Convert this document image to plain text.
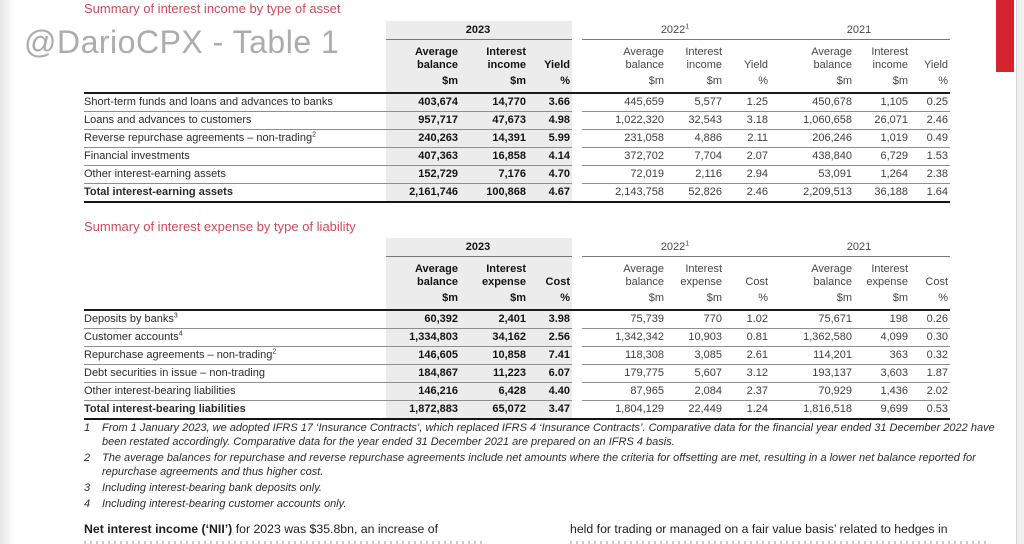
Summary of interest income by type of asset
@DarioCPX - Table 1
		2023				2022$^1$			2021		
	Average balance	Interest income	Yield		Average balance	Interest income	Yield	Average balance	Interest income	Yield
	$m	$m	%		$m	$m	%	$m	$m	%
Short-term funds and loans and advances to banks	403,674	14,770	3.66		445,659	5,577	1.25	450,678	1,105	0.25
Loans and advances to customers	957,717	47,673	4.98		1,022,320	32,543	3.18	1,060,658	26,071	2.46
Reverse repurchase agreements – non-trading$^2$	240,263	14,391	5.99		231,058	4,886	2.11	206,246	1,019	0.49
Financial investments	407,363	16,858	4.14		372,702	7,704	2.07	438,840	6,729	1.53
Other interest-earning assets	152,729	7,176	4.70		72,019	2,116	2.94	53,091	1,264	2.38
Total interest-earning assets	2,161,746	100,868	4.67		2,143,758	52,826	2.46	2,209,513	36,188	1.64
Summary of interest expense by type of liability
	2023				2022$^1$			2021		
	Average balance	Interest expense	Cost		Average balance	Interest expense	Cost	Average balance	Interest expense	Cost
	$m	$m	%		$m	$m	%	$m	$m	%
Deposits by banks$^3$	60,392	2,401	3.98		75,739	770	1.02	75,671	198	0.26
Customer accounts$^4$	1,334,803	34,162	2.56		1,342,342	10,903	0.81	1,362,580	4,099	0.30
Repurchase agreements – non-trading$^2$	146,605	10,858	7.41		118,308	3,085	2.61	114,201	363	0.32
Debt securities in issue – non-trading	184,867	11,223	6.07		179,775	5,607	3.12	193,137	3,603	1.87
Other interest-bearing liabilities	146,216	6,428	4.40		87,965	2,084	2.37	70,929	1,436	2.02
Total interest-bearing liabilities	1,872,883	65,072	3.47		1,804,129	22,449	1.24	1,816,518	9,699	0.53
1	From 1 January 2023, we adopted IFRS 17 ‘Insurance Contracts’, which replaced IFRS 4 ‘Insurance Contracts’. Comparative data for the financial year ended 31 December 2022 have been restated accordingly. Comparative data for the year ended 31 December 2021 are prepared on an IFRS 4 basis.
2	The average balances for repurchase and reverse repurchase agreements include net amounts where the criteria for offsetting are met, resulting in a lower net balance reported for repurchase agreements and thus higher cost.
3	Including interest-bearing bank deposits only.
4	Including interest-bearing customer accounts only.
Net interest income (‘NII’) for 2023 was $35.8bn, an increase of	held for trading or managed on a fair value basis’ related to hedges in
